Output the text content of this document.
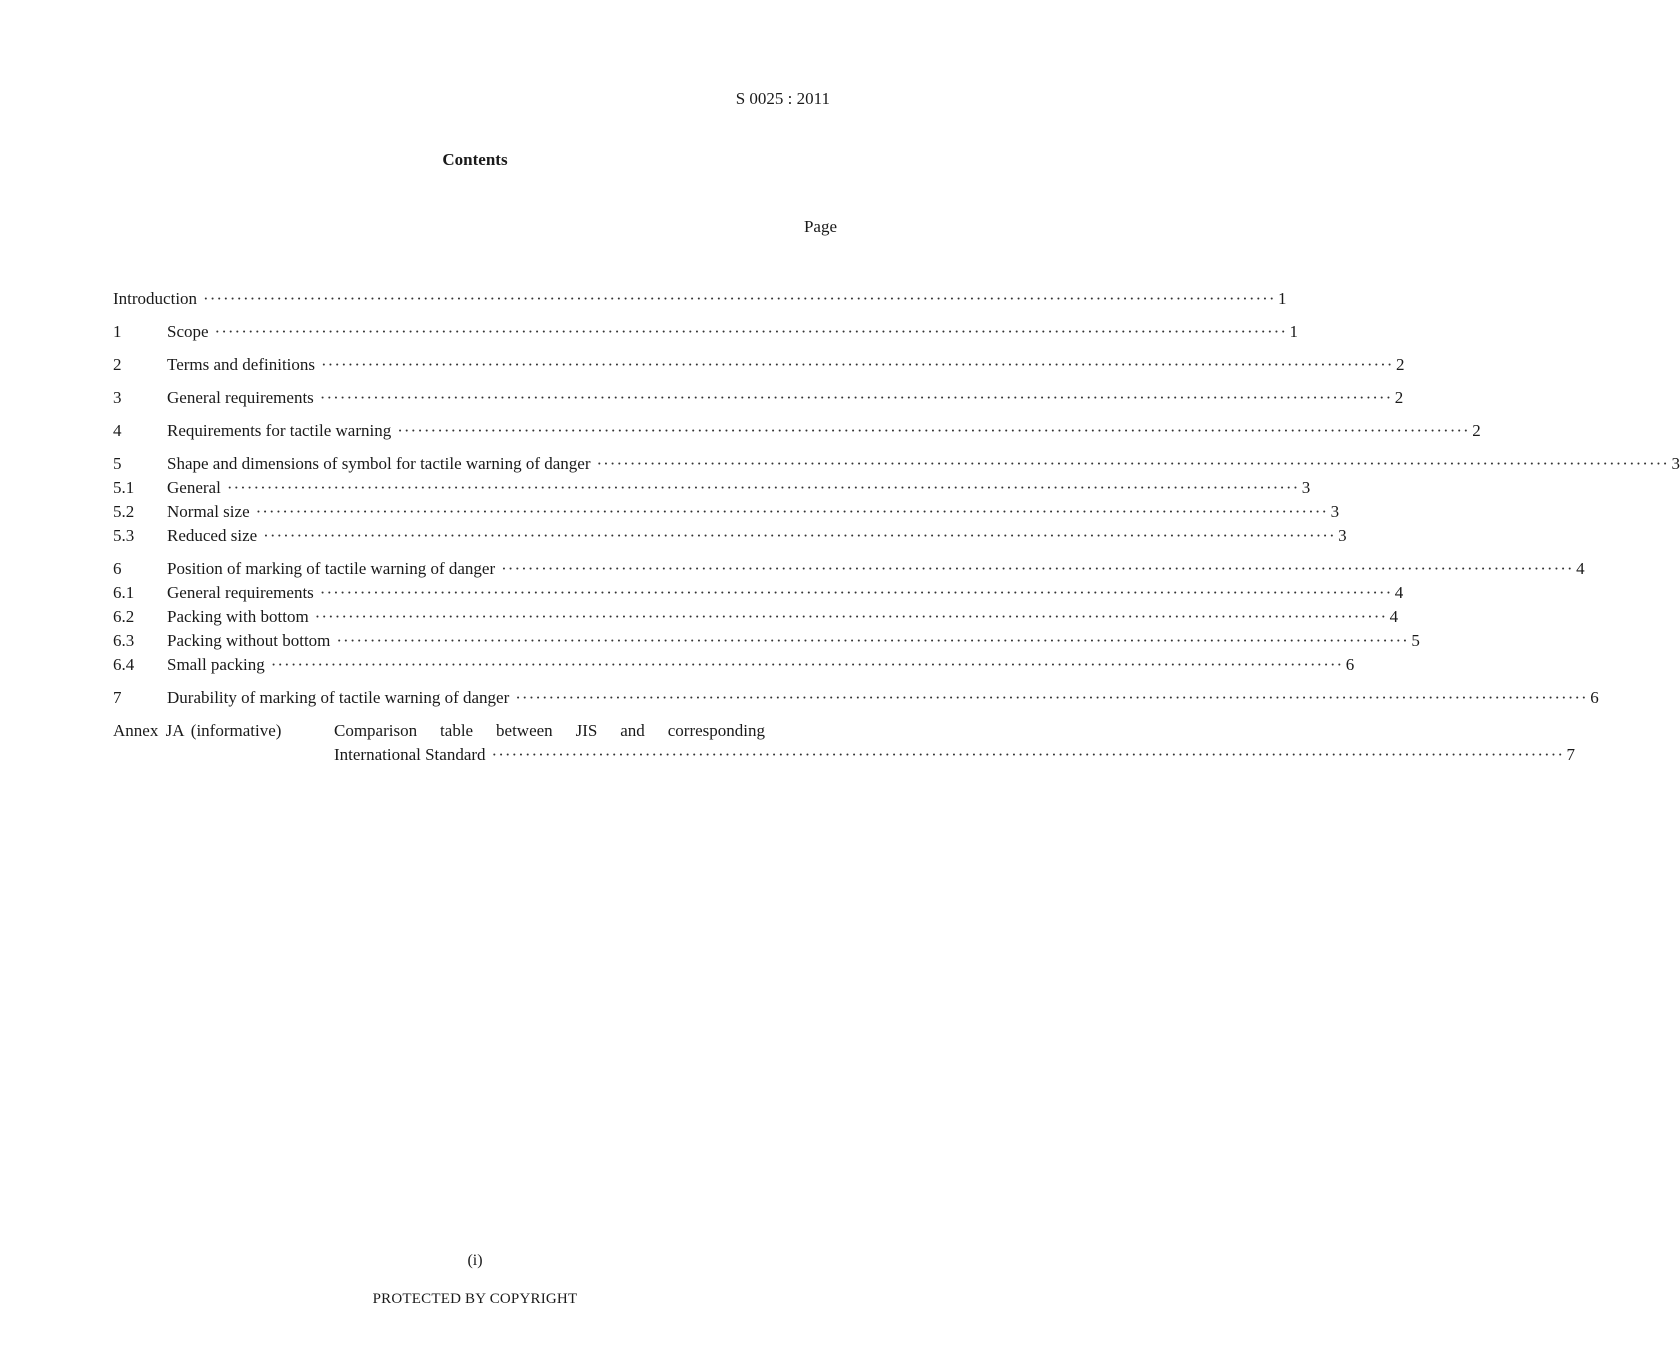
S 0025 : 2011
Contents
Page
Introduction ·····	1
1	Scope ·····	1
2	Terms and definitions ·····	2
3	General requirements ·····	2
4	Requirements for tactile warning ·····	2
5	Shape and dimensions of symbol for tactile warning of danger ·····	3
5.1	General ·····	3
5.2	Normal size ·····	3
5.3	Reduced size ·····	3
6	Position of marking of tactile warning of danger ·····	4
6.1	General requirements ·····	4
6.2	Packing with bottom ·····	4
6.3	Packing without bottom ·····	5
6.4	Small packing ·····	6
7	Durability of marking of tactile warning of danger ·····	6
Annex JA (informative)	Comparison table between JIS and corresponding
International Standard ·····	7
(i)
PROTECTED BY COPYRIGHT
